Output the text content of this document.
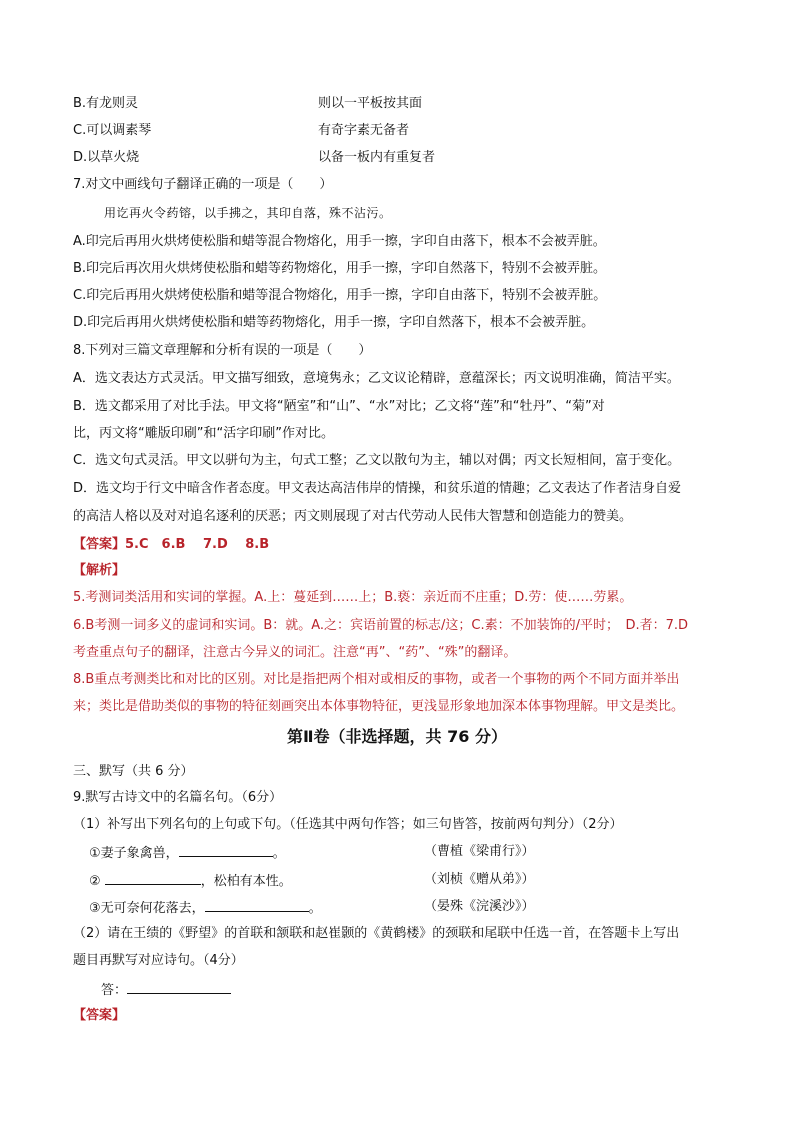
B.有龙则灵	则以一平板按其面
C.可以调素琴	有奇字素无备者
D.以草火烧	以备一板内有重复者
7.对文中画线句子翻译正确的一项是（　　）
用讫再火令药镕，以手拂之，其印自落，殊不沾污。
A.印完后再用火烘烤使松脂和蜡等混合物熔化，用手一擦，字印自由落下，根本不会被弄脏。
B.印完后再次用火烘烤使松脂和蜡等药物熔化，用手一擦，字印自然落下，特别不会被弄脏。
C.印完后再用火烘烤使松脂和蜡等混合物熔化，用手一擦，字印自由落下，特别不会被弄脏。
D.印完后再用火烘烤使松脂和蜡等药物熔化，用手一擦，字印自然落下，根本不会被弄脏。
8.下列对三篇文章理解和分析有误的一项是（　　）
A．选文表达方式灵活。甲文描写细致，意境隽永；乙文议论精辟，意蕴深长；丙文说明准确，简洁平实。
B．选文都采用了对比手法。甲文将“陋室”和“山”、“水”对比；乙文将“莲”和“牡丹”、“菊”对
比，丙文将“雕版印刷”和“活字印刷”作对比。
C．选文句式灵活。甲文以骈句为主，句式工整；乙文以散句为主，辅以对偶；丙文长短相间，富于变化。
D．选文均于行文中暗含作者态度。甲文表达高洁伟岸的情操，和贫乐道的情趣；乙文表达了作者洁身自爱
的高洁人格以及对对追名逐利的厌恶；丙文则展现了对古代劳动人民伟大智慧和创造能力的赞美。
【答案】5.C　6.B　 7.D　 8.B
【解析】
5.考测词类活用和实词的掌握。A.上：蔓延到……上；B.亵：亲近而不庄重；D.劳：使……劳累。
6.B考测一词多义的虚词和实词。B：就。A.之：宾语前置的标志/这；C.素：不加装饰的/平时；　D.者：7.D
考查重点句子的翻译，注意古今异义的词汇。注意“再”、“药”、“殊”的翻译。
8.B重点考测类比和对比的区别。对比是指把两个相对或相反的事物，或者一个事物的两个不同方面并举出
来；类比是借助类似的事物的特征刻画突出本体事物特征，更浅显形象地加深本体事物理解。甲文是类比。
第Ⅱ卷（非选择题，共 76 分）
三、默写（共 6 分）
9.默写古诗文中的名篇名句。（6分）
（1）补写出下列名句的上句或下句。（任选其中两句作答；如三句皆答，按前两句判分）（2分）
①妻子象禽兽，	。	（曹植《梁甫行》）
②	，松柏有本性。	（刘桢《赠从弟》）
③无可奈何花落去，	。	（晏殊《浣溪沙》）
（2）请在王绩的《野望》的首联和颔联和赵崔颢的《黄鹤楼》的颈联和尾联中任选一首，在答题卡上写出
题目再默写对应诗句。（4分）
答：
【答案】
